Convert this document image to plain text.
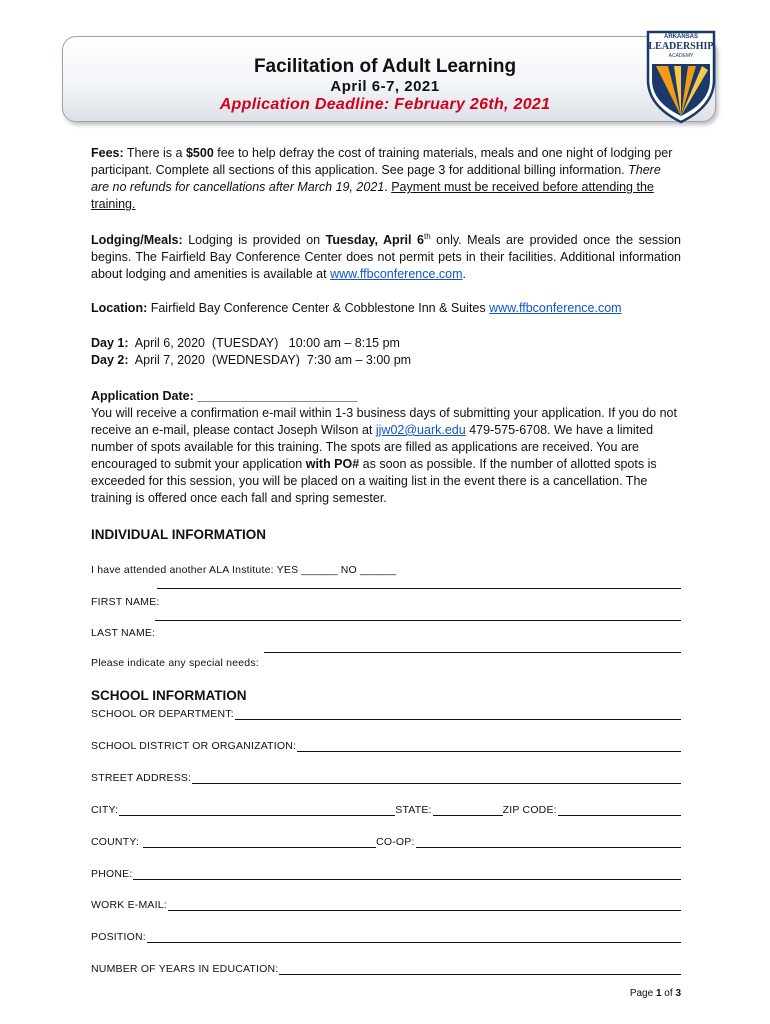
Facilitation of Adult Learning
April 6-7, 2021
Application Deadline: February 26th, 2021
ARKANSAS
LEADERSHIP
ACADEMY
Fees: There is a $500 fee to help defray the cost of training materials, meals and one night of lodging per participant. Complete all sections of this application. See page 3 for additional billing information. There are no refunds for cancellations after March 19, 2021. Payment must be received before attending the training.
Lodging/Meals: Lodging is provided on Tuesday, April 6th only. Meals are provided once the session begins. The Fairfield Bay Conference Center does not permit pets in their facilities. Additional information about lodging and amenities is available at www.ffbconference.com.
Location: Fairfield Bay Conference Center & Cobblestone Inn & Suites www.ffbconference.com
Day 1:  April 6, 2020  (TUESDAY)   10:00 am – 8:15 pm
Day 2:  April 7, 2020  (WEDNESDAY)  7:30 am – 3:00 pm
Application Date: _______________________
You will receive a confirmation e-mail within 1-3 business days of submitting your application. If you do not receive an e-mail, please contact Joseph Wilson at jjw02@uark.edu 479-575-6708. We have a limited number of spots available for this training. The spots are filled as applications are received. You are encouraged to submit your application with PO# as soon as possible. If the number of allotted spots is exceeded for this session, you will be placed on a waiting list in the event there is a cancellation. The training is offered once each fall and spring semester.
INDIVIDUAL INFORMATION
I have attended another ALA Institute: YES ______ NO ______
FIRST NAME:
LAST NAME:
Please indicate any special needs:
SCHOOL INFORMATION
SCHOOL OR DEPARTMENT:
SCHOOL DISTRICT OR ORGANIZATION:
STREET ADDRESS:
CITY:	STATE:	ZIP CODE:
COUNTY:	CO-OP:
PHONE:
WORK E-MAIL:
POSITION:
NUMBER OF YEARS IN EDUCATION:
Page 1 of 3
